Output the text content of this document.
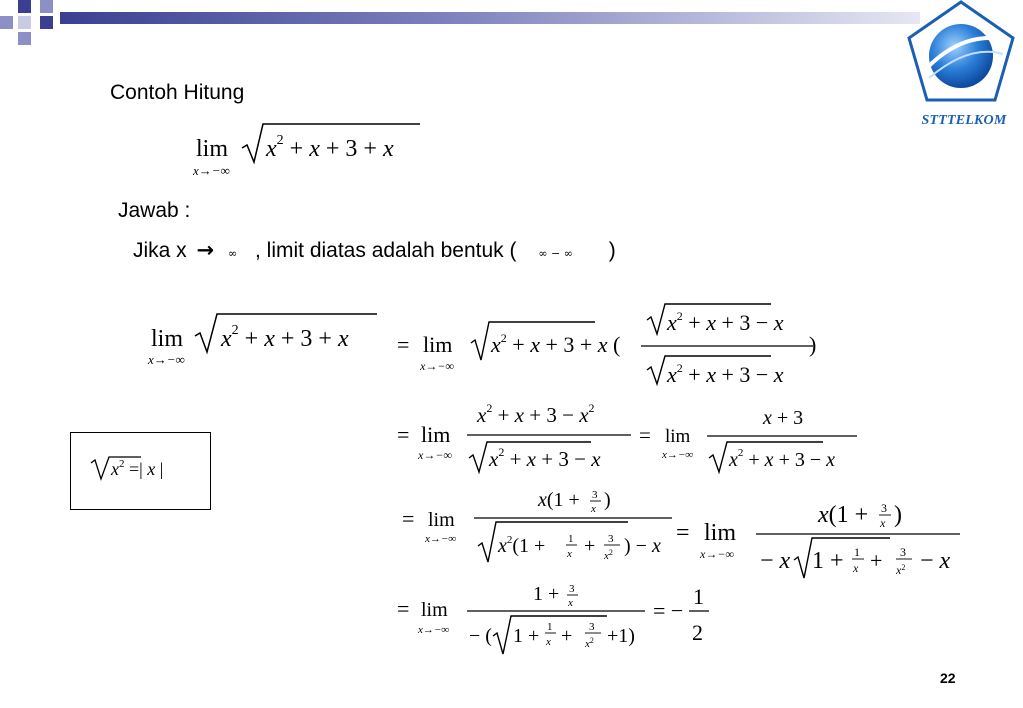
STTTELKOM
Contoh Hitung
lim
x→−∞
$x^2 + x + 3 + x$
Jawab :
Jika x → ∞ , limit diatas adalah bentuk ( ∞ − ∞ )
lim
x→−∞
$x^2 + x + 3 + x = \lim$
x→−∞
$x^2 + x + 3 + x$ (
$x^2 + x + 3 - x$
$x^2 + x + 3 - x$
)
$x^2$ =| x |
= lim
x→−∞
$x^2 + x + 3 - x^2$
$x^2 + x + 3 - x$
= lim
x→−∞
x + 3
$x^2 + x + 3 - x$
= lim
x→−∞
x(1 + 3
x )
$x^2(1 + 1$
x + 3
$x^2$ ) − x = lim
x→−∞
x(1 + 3
x )
− x 1 + 1
x + 3
$x^2 - x$
= lim
x→−∞
1 + 3
x
− ( 1 + 1
x + 3
$x^2 +1$)
= −
1
2
22
